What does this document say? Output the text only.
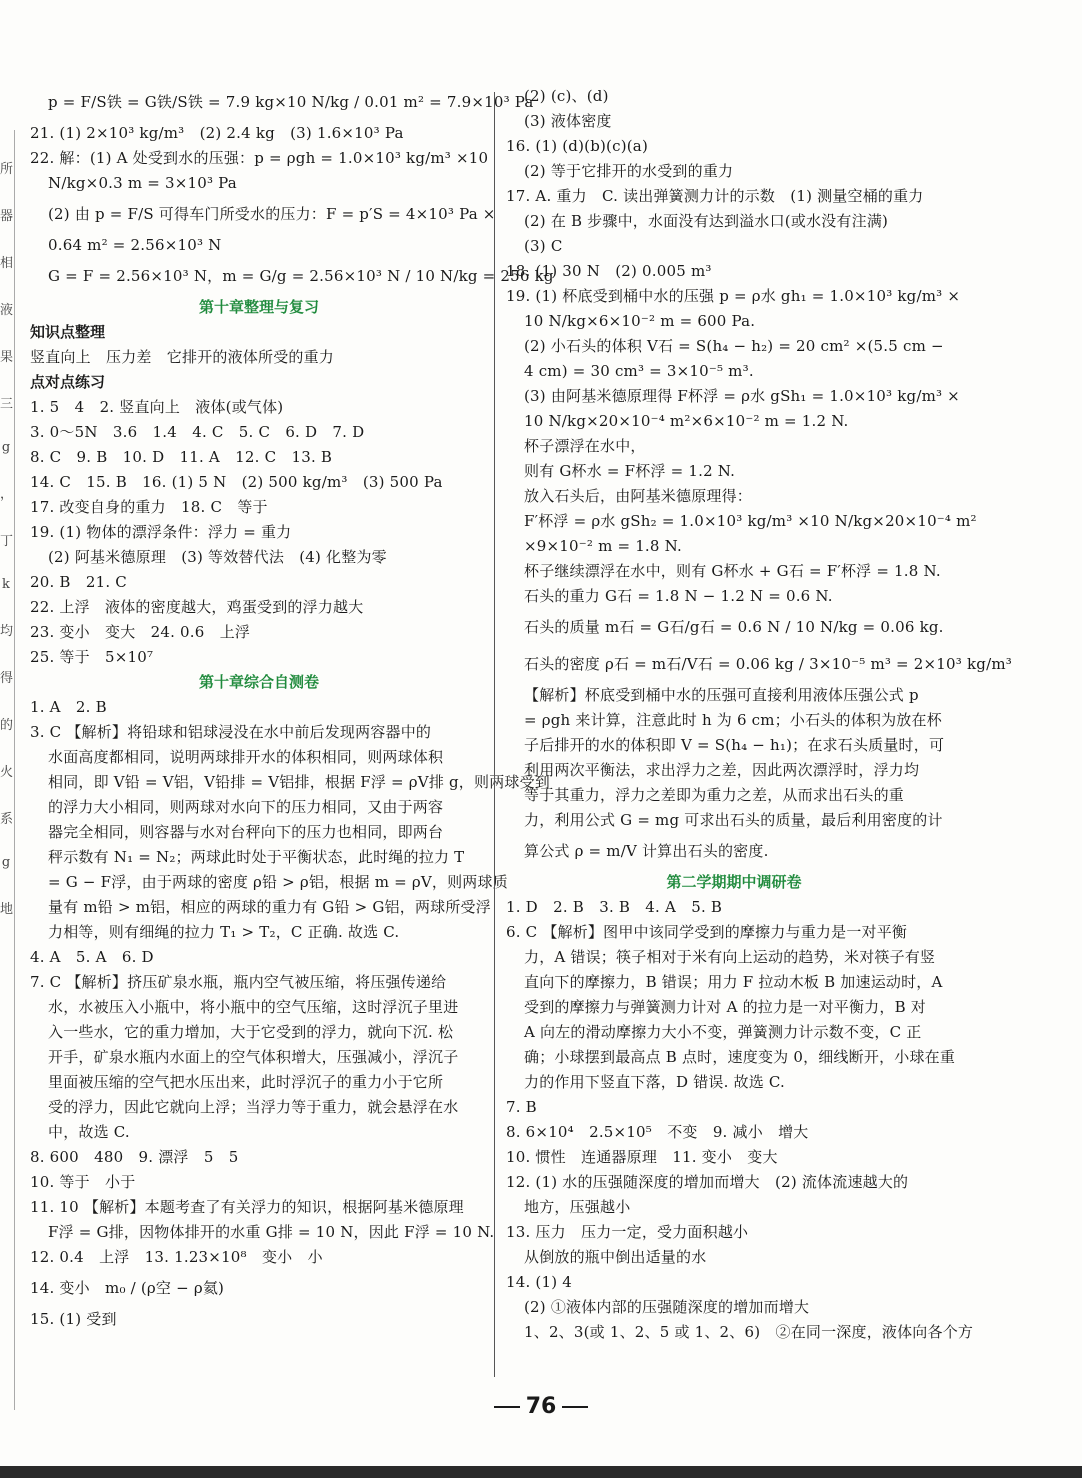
所
器
相
液
果
三
g
，
丁
k
均
得
的
火
系
g
地
p = F/S铁 = G铁/S铁 = 7.9 kg×10 N/kg / 0.01 m² = 7.9×10³ Pa
21. (1) 2×10³ kg/m³　(2) 2.4 kg　(3) 1.6×10³ Pa
22. 解：(1) A 处受到水的压强：p = ρgh = 1.0×10³ kg/m³ ×10
N/kg×0.3 m = 3×10³ Pa
(2) 由 p = F/S 可得车门所受水的压力：F = p′S = 4×10³ Pa ×
0.64 m² = 2.56×10³ N
G = F = 2.56×10³ N，m = G/g = 2.56×10³ N / 10 N/kg = 256 kg
第十章整理与复习
知识点整理
竖直向上　压力差　它排开的液体所受的重力
点对点练习
1. 5　4　2. 竖直向上　液体(或气体)
3. 0～5N　3.6　1.4　4. C　5. C　6. D　7. D
8. C　9. B　10. D　11. A　12. C　13. B
14. C　15. B　16. (1) 5 N　(2) 500 kg/m³　(3) 500 Pa
17. 改变自身的重力　18. C　等于
19. (1) 物体的漂浮条件：浮力 = 重力
(2) 阿基米德原理　(3) 等效替代法　(4) 化整为零
20. B　21. C
22. 上浮　液体的密度越大，鸡蛋受到的浮力越大
23. 变小　变大　24. 0.6　上浮
25. 等于　5×10⁷
第十章综合自测卷
1. A　2. B
3. C 【解析】将铅球和铝球浸没在水中前后发现两容器中的
水面高度都相同，说明两球排开水的体积相同，则两球体积
相同，即 V铅 = V铝，V铅排 = V铝排，根据 F浮 = ρV排 g，则两球受到
的浮力大小相同，则两球对水向下的压力相同，又由于两容
器完全相同，则容器与水对台秤向下的压力也相同，即两台
秤示数有 N₁ = N₂；两球此时处于平衡状态，此时绳的拉力 T
= G − F浮，由于两球的密度 ρ铅 > ρ铝，根据 m = ρV，则两球质
量有 m铅 > m铝，相应的两球的重力有 G铅 > G铝，两球所受浮
力相等，则有细绳的拉力 T₁ > T₂，C 正确. 故选 C.
4. A　5. A　6. D
7. C 【解析】挤压矿泉水瓶，瓶内空气被压缩，将压强传递给
水，水被压入小瓶中，将小瓶中的空气压缩，这时浮沉子里进
入一些水，它的重力增加，大于它受到的浮力，就向下沉. 松
开手，矿泉水瓶内水面上的空气体积增大，压强减小，浮沉子
里面被压缩的空气把水压出来，此时浮沉子的重力小于它所
受的浮力，因此它就向上浮；当浮力等于重力，就会悬浮在水
中，故选 C.
8. 600　480　9. 漂浮　5　5
10. 等于　小于
11. 10 【解析】本题考查了有关浮力的知识，根据阿基米德原理
F浮 = G排，因物体排开的水重 G排 = 10 N，因此 F浮 = 10 N.
12. 0.4　上浮　13. 1.23×10⁸　变小　小
14. 变小　m₀ / (ρ空 − ρ氦)
15. (1) 受到
(2) (c)、(d)
(3) 液体密度
16. (1) (d)(b)(c)(a)
(2) 等于它排开的水受到的重力
17. A. 重力　C. 读出弹簧测力计的示数　(1) 测量空桶的重力
(2) 在 B 步骤中，水面没有达到溢水口(或水没有注满)
(3) C
18. (1) 30 N　(2) 0.005 m³
19. (1) 杯底受到桶中水的压强 p = ρ水 gh₁ = 1.0×10³ kg/m³ ×
10 N/kg×6×10⁻² m = 600 Pa.
(2) 小石头的体积 V石 = S(h₄ − h₂) = 20 cm² ×(5.5 cm −
4 cm) = 30 cm³ = 3×10⁻⁵ m³.
(3) 由阿基米德原理得 F杯浮 = ρ水 gSh₁ = 1.0×10³ kg/m³ ×
10 N/kg×20×10⁻⁴ m²×6×10⁻² m = 1.2 N.
杯子漂浮在水中，
则有 G杯水 = F杯浮 = 1.2 N.
放入石头后，由阿基米德原理得：
F′杯浮 = ρ水 gSh₂ = 1.0×10³ kg/m³ ×10 N/kg×20×10⁻⁴ m²
×9×10⁻² m = 1.8 N.
杯子继续漂浮在水中，则有 G杯水 + G石 = F′杯浮 = 1.8 N.
石头的重力 G石 = 1.8 N − 1.2 N = 0.6 N.
石头的质量 m石 = G石/g石 = 0.6 N / 10 N/kg = 0.06 kg.
石头的密度 ρ石 = m石/V石 = 0.06 kg / 3×10⁻⁵ m³ = 2×10³ kg/m³
【解析】杯底受到桶中水的压强可直接利用液体压强公式 p
= ρgh 来计算，注意此时 h 为 6 cm；小石头的体积为放在杯
子后排开的水的体积即 V = S(h₄ − h₁)；在求石头质量时，可
利用两次平衡法，求出浮力之差，因此两次漂浮时，浮力均
等于其重力，浮力之差即为重力之差，从而求出石头的重
力，利用公式 G = mg 可求出石头的质量，最后利用密度的计
算公式 ρ = m/V 计算出石头的密度.
第二学期期中调研卷
1. D　2. B　3. B　4. A　5. B
6. C 【解析】图甲中该同学受到的摩擦力与重力是一对平衡
力，A 错误；筷子相对于米有向上运动的趋势，米对筷子有竖
直向下的摩擦力，B 错误；用力 F 拉动木板 B 加速运动时，A
受到的摩擦力与弹簧测力计对 A 的拉力是一对平衡力，B 对
A 向左的滑动摩擦力大小不变，弹簧测力计示数不变，C 正
确；小球摆到最高点 B 点时，速度变为 0，细线断开，小球在重
力的作用下竖直下落，D 错误. 故选 C.
7. B
8. 6×10⁴　2.5×10⁵　不变　9. 减小　增大
10. 惯性　连通器原理　11. 变小　变大
12. (1) 水的压强随深度的增加而增大　(2) 流体流速越大的
地方，压强越小
13. 压力　压力一定，受力面积越小
从倒放的瓶中倒出适量的水
14. (1) 4
(2) ①液体内部的压强随深度的增加而增大
1、2、3(或 1、2、5 或 1、2、6)　②在同一深度，液体向各个方
76
